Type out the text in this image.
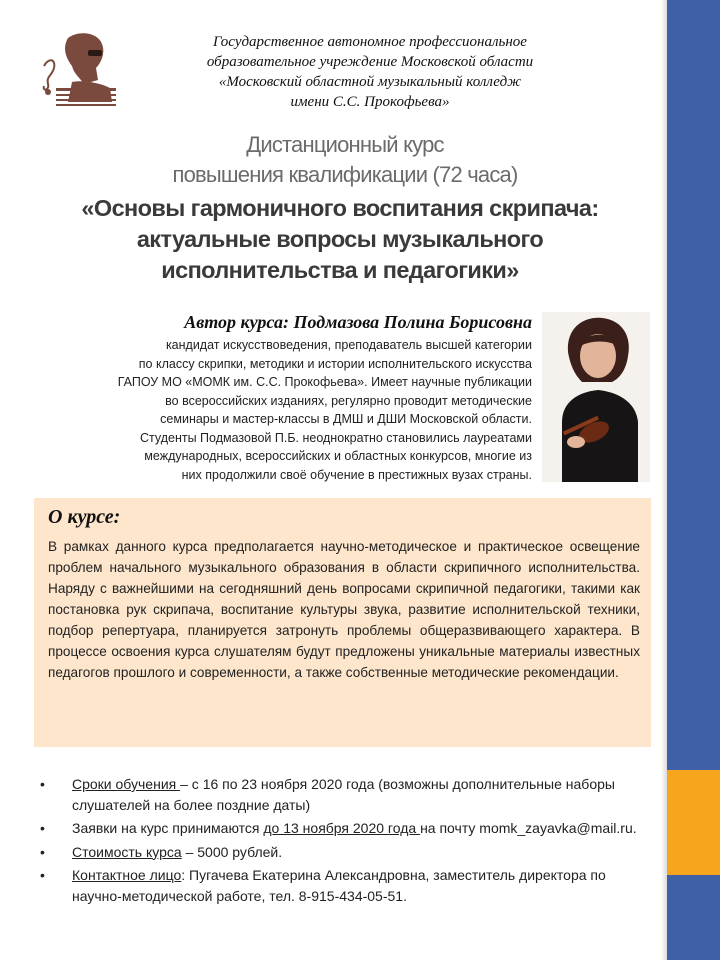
Государственное автономное профессиональное
образовательное учреждение Московской области
«Московский областной музыкальный колледж
имени С.С. Прокофьева»
Дистанционный курс
повышения квалификации (72 часа)
«Основы гармоничного воспитания скрипача:
актуальные вопросы музыкального
исполнительства и педагогики»
Автор курса: Подмазова Полина Борисовна
кандидат искусствоведения, преподаватель высшей категории
по классу скрипки, методики и истории исполнительского искусства
ГАПОУ МО «МОМК им. С.С. Прокофьева». Имеет научные публикации
во всероссийских изданиях, регулярно проводит методические
семинары и мастер-классы в ДМШ и ДШИ Московской области.
Студенты Подмазовой П.Б. неоднократно становились лауреатами
международных, всероссийских и областных конкурсов, многие из
них продолжили своё обучение в престижных вузах страны.
О курсе:
В рамках данного курса предполагается научно-методическое и практическое освещение проблем начального музыкального образования в области скрипичного исполнительства. Наряду с важнейшими на сегодняшний день вопросами скрипичной педагогики, такими как постановка рук скрипача, воспитание культуры звука, развитие исполнительской техники, подбор репертуара, планируется затронуть проблемы общеразвивающего характера. В процессе освоения курса слушателям будут предложены уникальные материалы известных педагогов прошлого и современности, а также собственные методические рекомендации.
• Сроки обучения – с 16 по 23 ноября 2020 года (возможны дополнительные наборы слушателей на более поздние даты)
• Заявки на курс принимаются до 13 ноября 2020 года на почту momk_zayavka@mail.ru.
• Стоимость курса – 5000 рублей.
• Контактное лицо: Пугачева Екатерина Александровна, заместитель директора по научно-методической работе, тел. 8-915-434-05-51.
